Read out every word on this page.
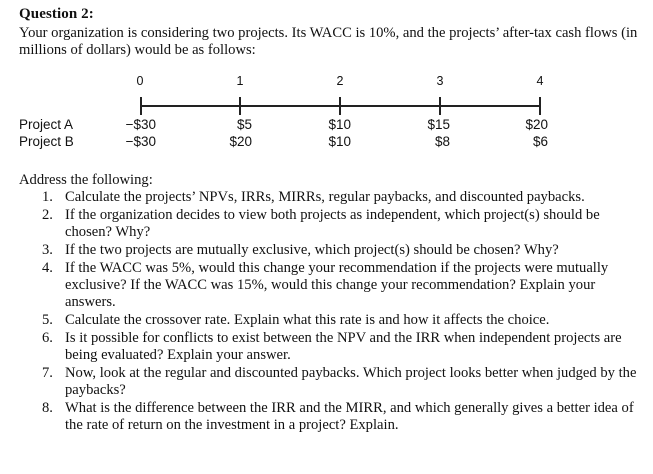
Question 2:
Your organization is considering two projects. Its WACC is 10%, and the projects’ after-tax cash flows (in millions of dollars) would be as follows:
0	1	2	3	4
Project A	−$30	$5	$10	$15	$20
Project B	−$30	$20	$10	$8	$6
Address the following:
1. Calculate the projects’ NPVs, IRRs, MIRRs, regular paybacks, and discounted paybacks.
2. If the organization decides to view both projects as independent, which project(s) should be chosen? Why?
3. If the two projects are mutually exclusive, which project(s) should be chosen? Why?
4. If the WACC was 5%, would this change your recommendation if the projects were mutually exclusive? If the WACC was 15%, would this change your recommendation? Explain your answers.
5. Calculate the crossover rate. Explain what this rate is and how it affects the choice.
6. Is it possible for conflicts to exist between the NPV and the IRR when independent projects are being evaluated? Explain your answer.
7. Now, look at the regular and discounted paybacks. Which project looks better when judged by the paybacks?
8. What is the difference between the IRR and the MIRR, and which generally gives a better idea of the rate of return on the investment in a project? Explain.
